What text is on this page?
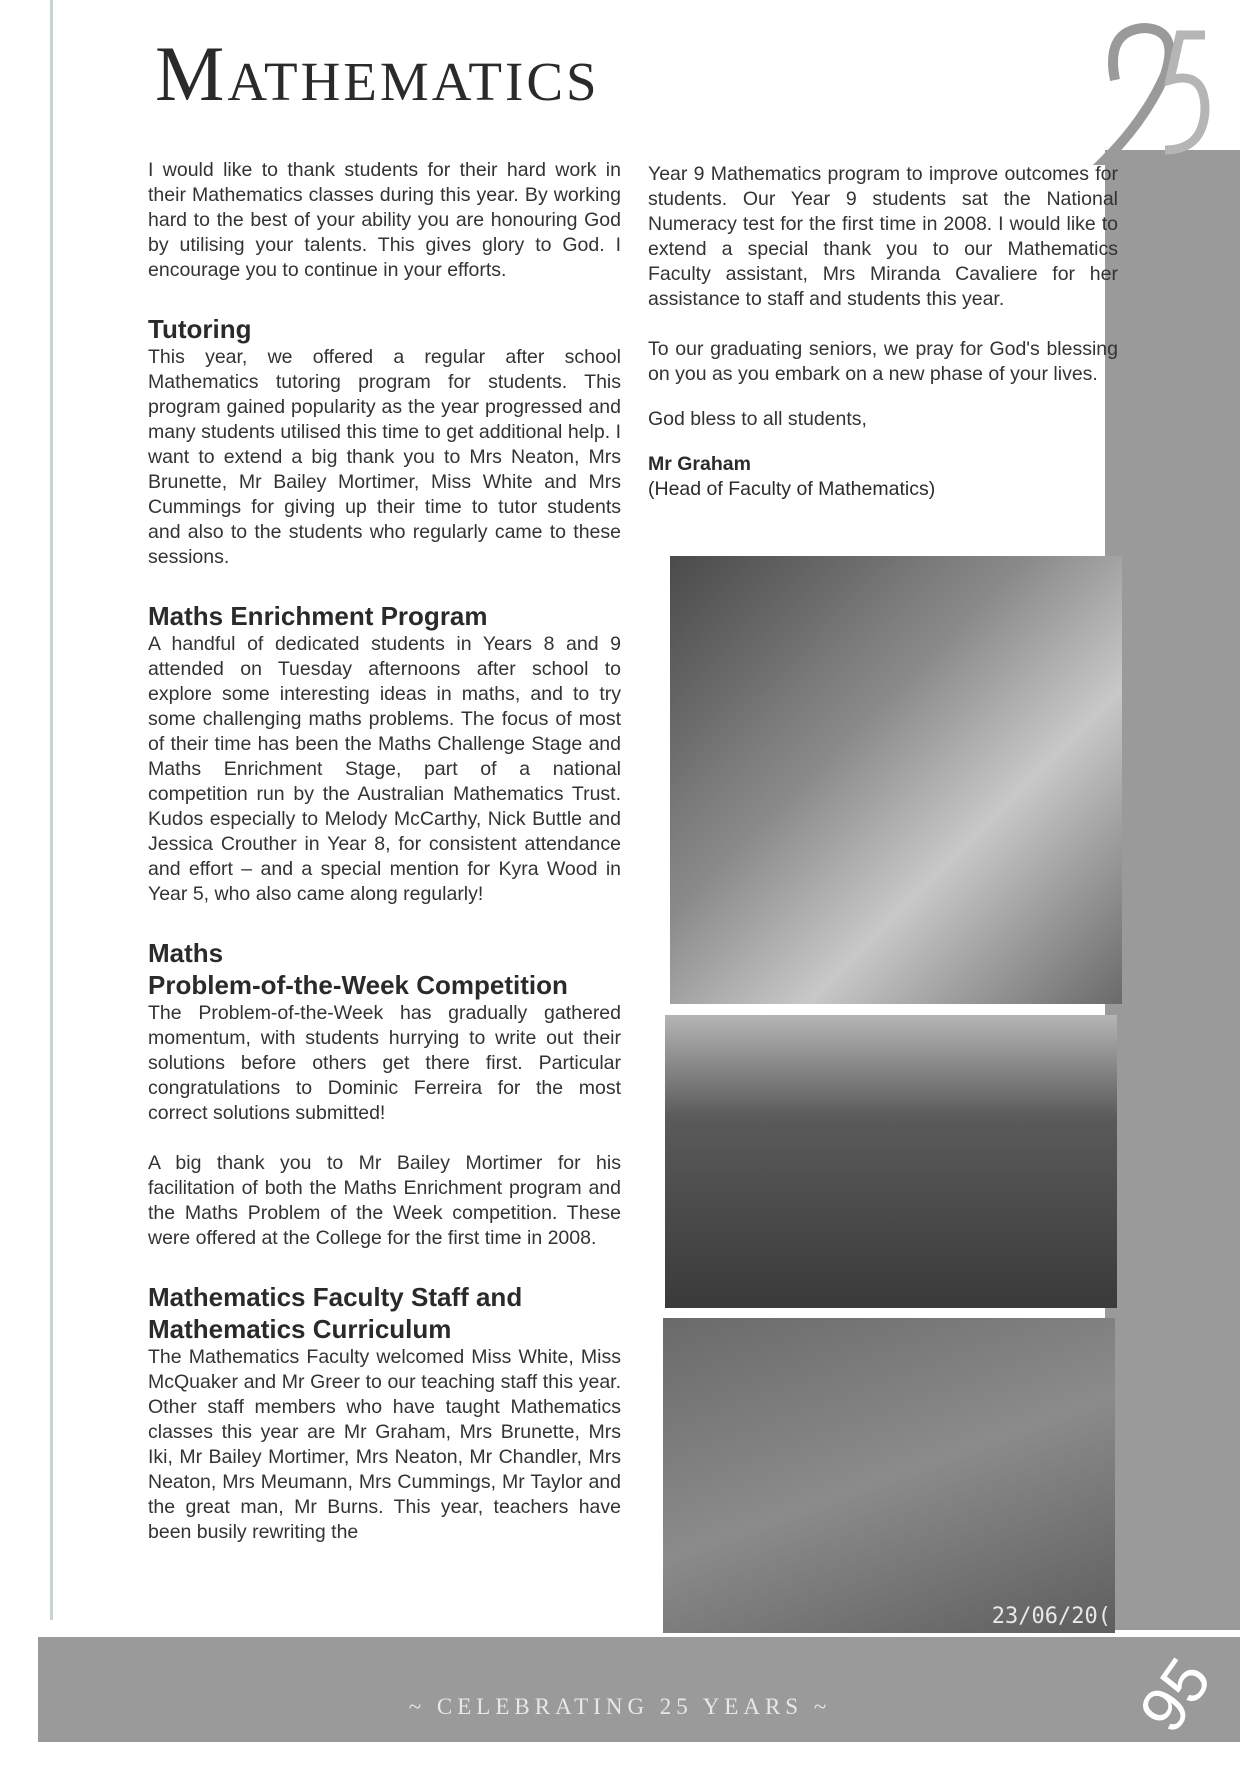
Mathematics

I would like to thank students for their hard work in their Mathematics classes during this year. By working hard to the best of your ability you are honouring God by utilising your talents. This gives glory to God. I encourage you to continue in your efforts.

Tutoring

This year, we offered a regular after school Mathematics tutoring program for students. This program gained popularity as the year progressed and many students utilised this time to get additional help. I want to extend a big thank you to Mrs Neaton, Mrs Brunette, Mr Bailey Mortimer, Miss White and Mrs Cummings for giving up their time to tutor students and also to the students who regularly came to these sessions.

Maths Enrichment Program

A handful of dedicated students in Years 8 and 9 attended on Tuesday afternoons after school to explore some interesting ideas in maths, and to try some challenging maths problems. The focus of most of their time has been the Maths Challenge Stage and Maths Enrichment Stage, part of a national competition run by the Australian Mathematics Trust. Kudos especially to Melody McCarthy, Nick Buttle and Jessica Crouther in Year 8, for consistent attendance and effort – and a special mention for Kyra Wood in Year 5, who also came along regularly!

Maths
Problem-of-the-Week Competition

The Problem-of-the-Week has gradually gathered momentum, with students hurrying to write out their solutions before others get there first. Particular congratulations to Dominic Ferreira for the most correct solutions submitted!

A big thank you to Mr Bailey Mortimer for his facilitation of both the Maths Enrichment program and the Maths Problem of the Week competition. These were offered at the College for the first time in 2008.

Mathematics Faculty Staff and Mathematics Curriculum

The Mathematics Faculty welcomed Miss White, Miss McQuaker and Mr Greer to our teaching staff this year. Other staff members who have taught Mathematics classes this year are Mr Graham, Mrs Brunette, Mrs Iki, Mr Bailey Mortimer, Mrs Neaton, Mr Chandler, Mrs Neaton, Mrs Meumann, Mrs Cummings, Mr Taylor and the great man, Mr Burns. This year, teachers have been busily rewriting the

Year 9 Mathematics program to improve outcomes for students. Our Year 9 students sat the National Numeracy test for the first time in 2008. I would like to extend a special thank you to our Mathematics Faculty assistant, Mrs Miranda Cavaliere for her assistance to staff and students this year.

To our graduating seniors, we pray for God's blessing on you as you embark on a new phase of your lives.

God bless to all students,

Mr Graham
(Head of Faculty of Mathematics)
23/06/20(
~ CELEBRATING 25 YEARS ~	95
